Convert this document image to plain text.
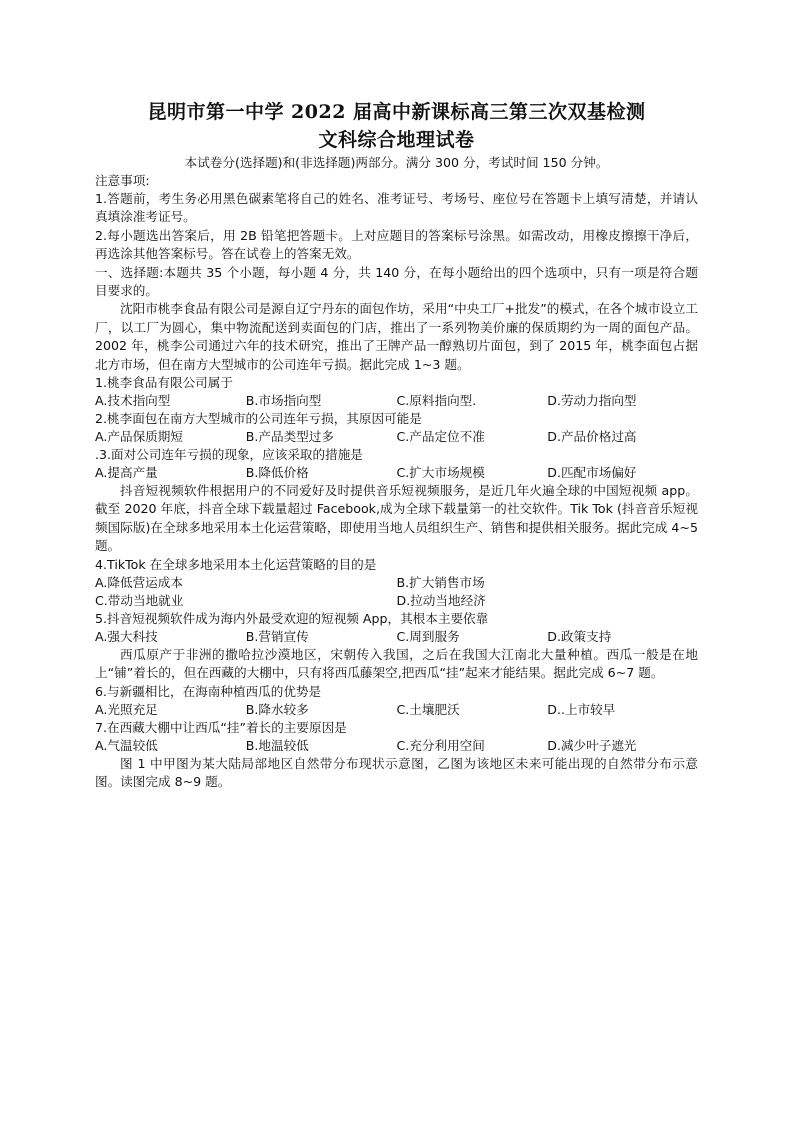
昆明市第一中学 2022 届高中新课标高三第三次双基检测
文科综合地理试卷
本试卷分(选择题)和(非选择题)两部分。满分 300 分，考试时间 150 分钟。
注意事项:
1.答题前，考生务必用黑色碳素笔将自己的姓名、准考证号、考场号、座位号在答题卡上填写清楚，并请认真填涂准考证号。
2.每小题选出答案后，用 2B 铅笔把答题卡。上对应题目的答案标号涂黑。如需改动，用橡皮擦擦干净后，再选涂其他答案标号。答在试卷上的答案无效。
一、选择题:本题共 35 个小题，每小题 4 分，共 140 分，在每小题给出的四个选项中，只有一项是符合题目要求的。
沈阳市桃李食品有限公司是源自辽宁丹东的面包作坊，采用“中央工厂+批发”的模式，在各个城市设立工厂，以工厂为圆心，集中物流配送到卖面包的门店，推出了一系列物美价廉的保质期约为一周的面包产品。2002 年，桃李公司通过六年的技术研究，推出了王牌产品一醇熟切片面包，到了 2015 年，桃李面包占据北方市场，但在南方大型城市的公司连年亏损。据此完成 1~3 题。
1.桃李食品有限公司属于
A.技术指向型	B.市场指向型	C.原料指向型.	D.劳动力指向型
2.桃李面包在南方大型城市的公司连年亏损，其原因可能是
A.产品保质期短	B.产品类型过多	C.产品定位不准	D.产品价格过高
.3.面对公司连年亏损的现象，应该采取的措施是
A.提高产量	B.降低价格	C.扩大市场规模	D.匹配市场偏好
抖音短视频软件根据用户的不同爱好及时提供音乐短视频服务，是近几年火遍全球的中国短视频 app。截至 2020 年底，抖音全球下载量超过 Facebook,成为全球下载量第一的社交软件。Tik Tok (抖音音乐短视频国际版)在全球多地采用本土化运营策略，即使用当地人员组织生产、销售和提供相关服务。据此完成 4~5 题。
4.TikTok 在全球多地采用本土化运营策略的目的是
A.降低营运成本	B.扩大销售市场
C.带动当地就业	D.拉动当地经济
5.抖音短视频软件成为海内外最受欢迎的短视频 App，其根本主要依靠
A.强大科技	B.营销宣传	C.周到服务	D.政策支持
西瓜原产于非洲的撒哈拉沙漠地区，宋朝传入我国，之后在我国大江南北大量种植。西瓜一般是在地上“铺”着长的，但在西藏的大棚中，只有将西瓜藤架空,把西瓜“挂”起来才能结果。据此完成 6~7 题。
6.与新疆相比，在海南种植西瓜的优势是
A.光照充足	B.降水较多	C.土壤肥沃	D..上市较早
7.在西藏大棚中让西瓜“挂”着长的主要原因是
A.气温较低	B.地温较低	C.充分利用空间	D.减少叶子遮光
图 1 中甲图为某大陆局部地区自然带分布现状示意图，乙图为该地区未来可能出现的自然带分布示意图。读图完成 8~9 题。
